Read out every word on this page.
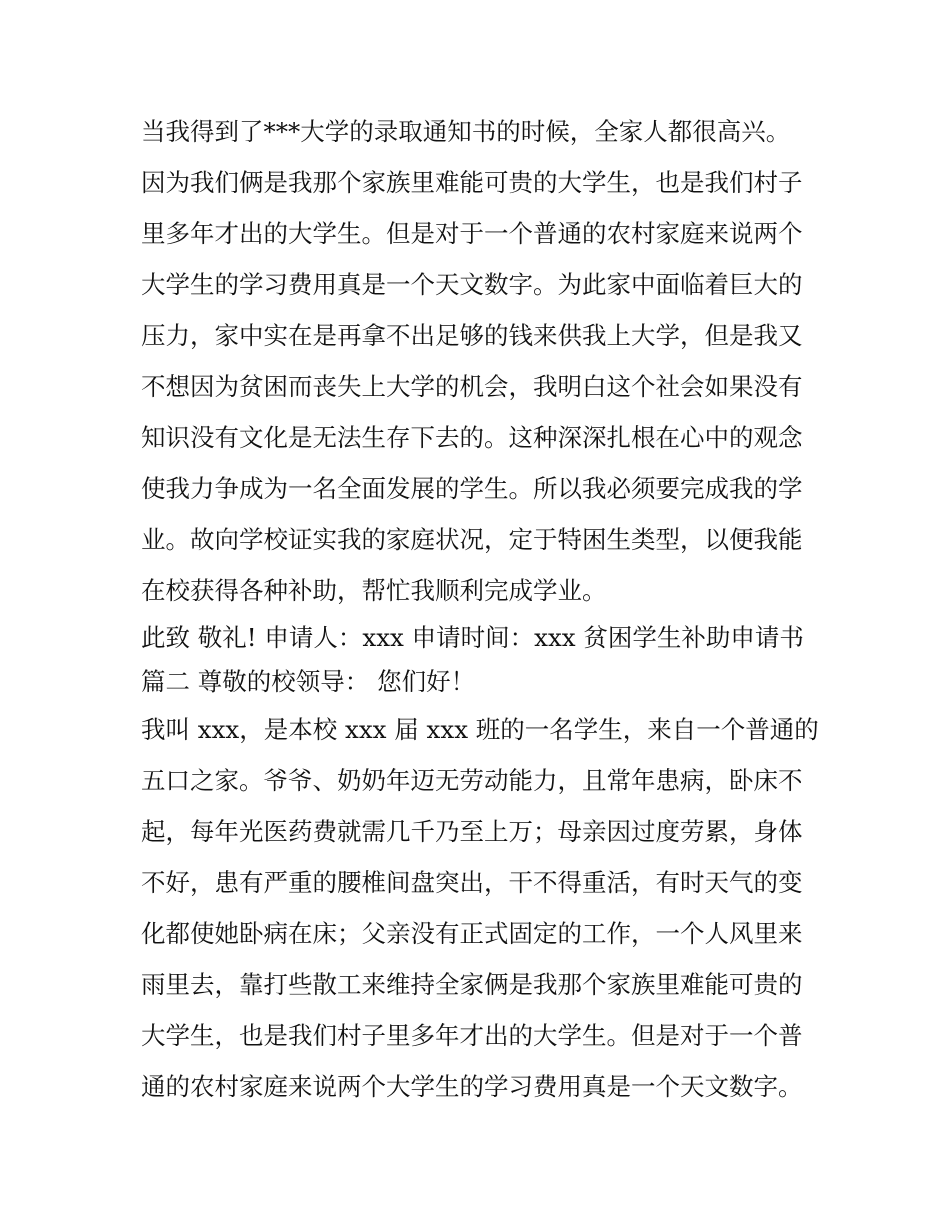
当我得到了***大学的录取通知书的时候，全家人都很高兴。
因为我们俩是我那个家族里难能可贵的大学生，也是我们村子
里多年才出的大学生。但是对于一个普通的农村家庭来说两个
大学生的学习费用真是一个天文数字。为此家中面临着巨大的
压力，家中实在是再拿不出足够的钱来供我上大学，但是我又
不想因为贫困而丧失上大学的机会，我明白这个社会如果没有
知识没有文化是无法生存下去的。这种深深扎根在心中的观念
使我力争成为一名全面发展的学生。所以我必须要完成我的学
业。故向学校证实我的家庭状况，定于特困生类型，以便我能
在校获得各种补助，帮忙我顺利完成学业。
此致 敬礼! 申请人：xxx 申请时间：xxx 贫困学生补助申请书
篇二 尊敬的校领导： 您们好！
我叫 xxx，是本校 xxx 届 xxx 班的一名学生，来自一个普通的
五口之家。爷爷、奶奶年迈无劳动能力，且常年患病，卧床不
起，每年光医药费就需几千乃至上万；母亲因过度劳累，身体
不好，患有严重的腰椎间盘突出，干不得重活，有时天气的变
化都使她卧病在床；父亲没有正式固定的工作，一个人风里来
雨里去，靠打些散工来维持全家俩是我那个家族里难能可贵的
大学生，也是我们村子里多年才出的大学生。但是对于一个普
通的农村家庭来说两个大学生的学习费用真是一个天文数字。
